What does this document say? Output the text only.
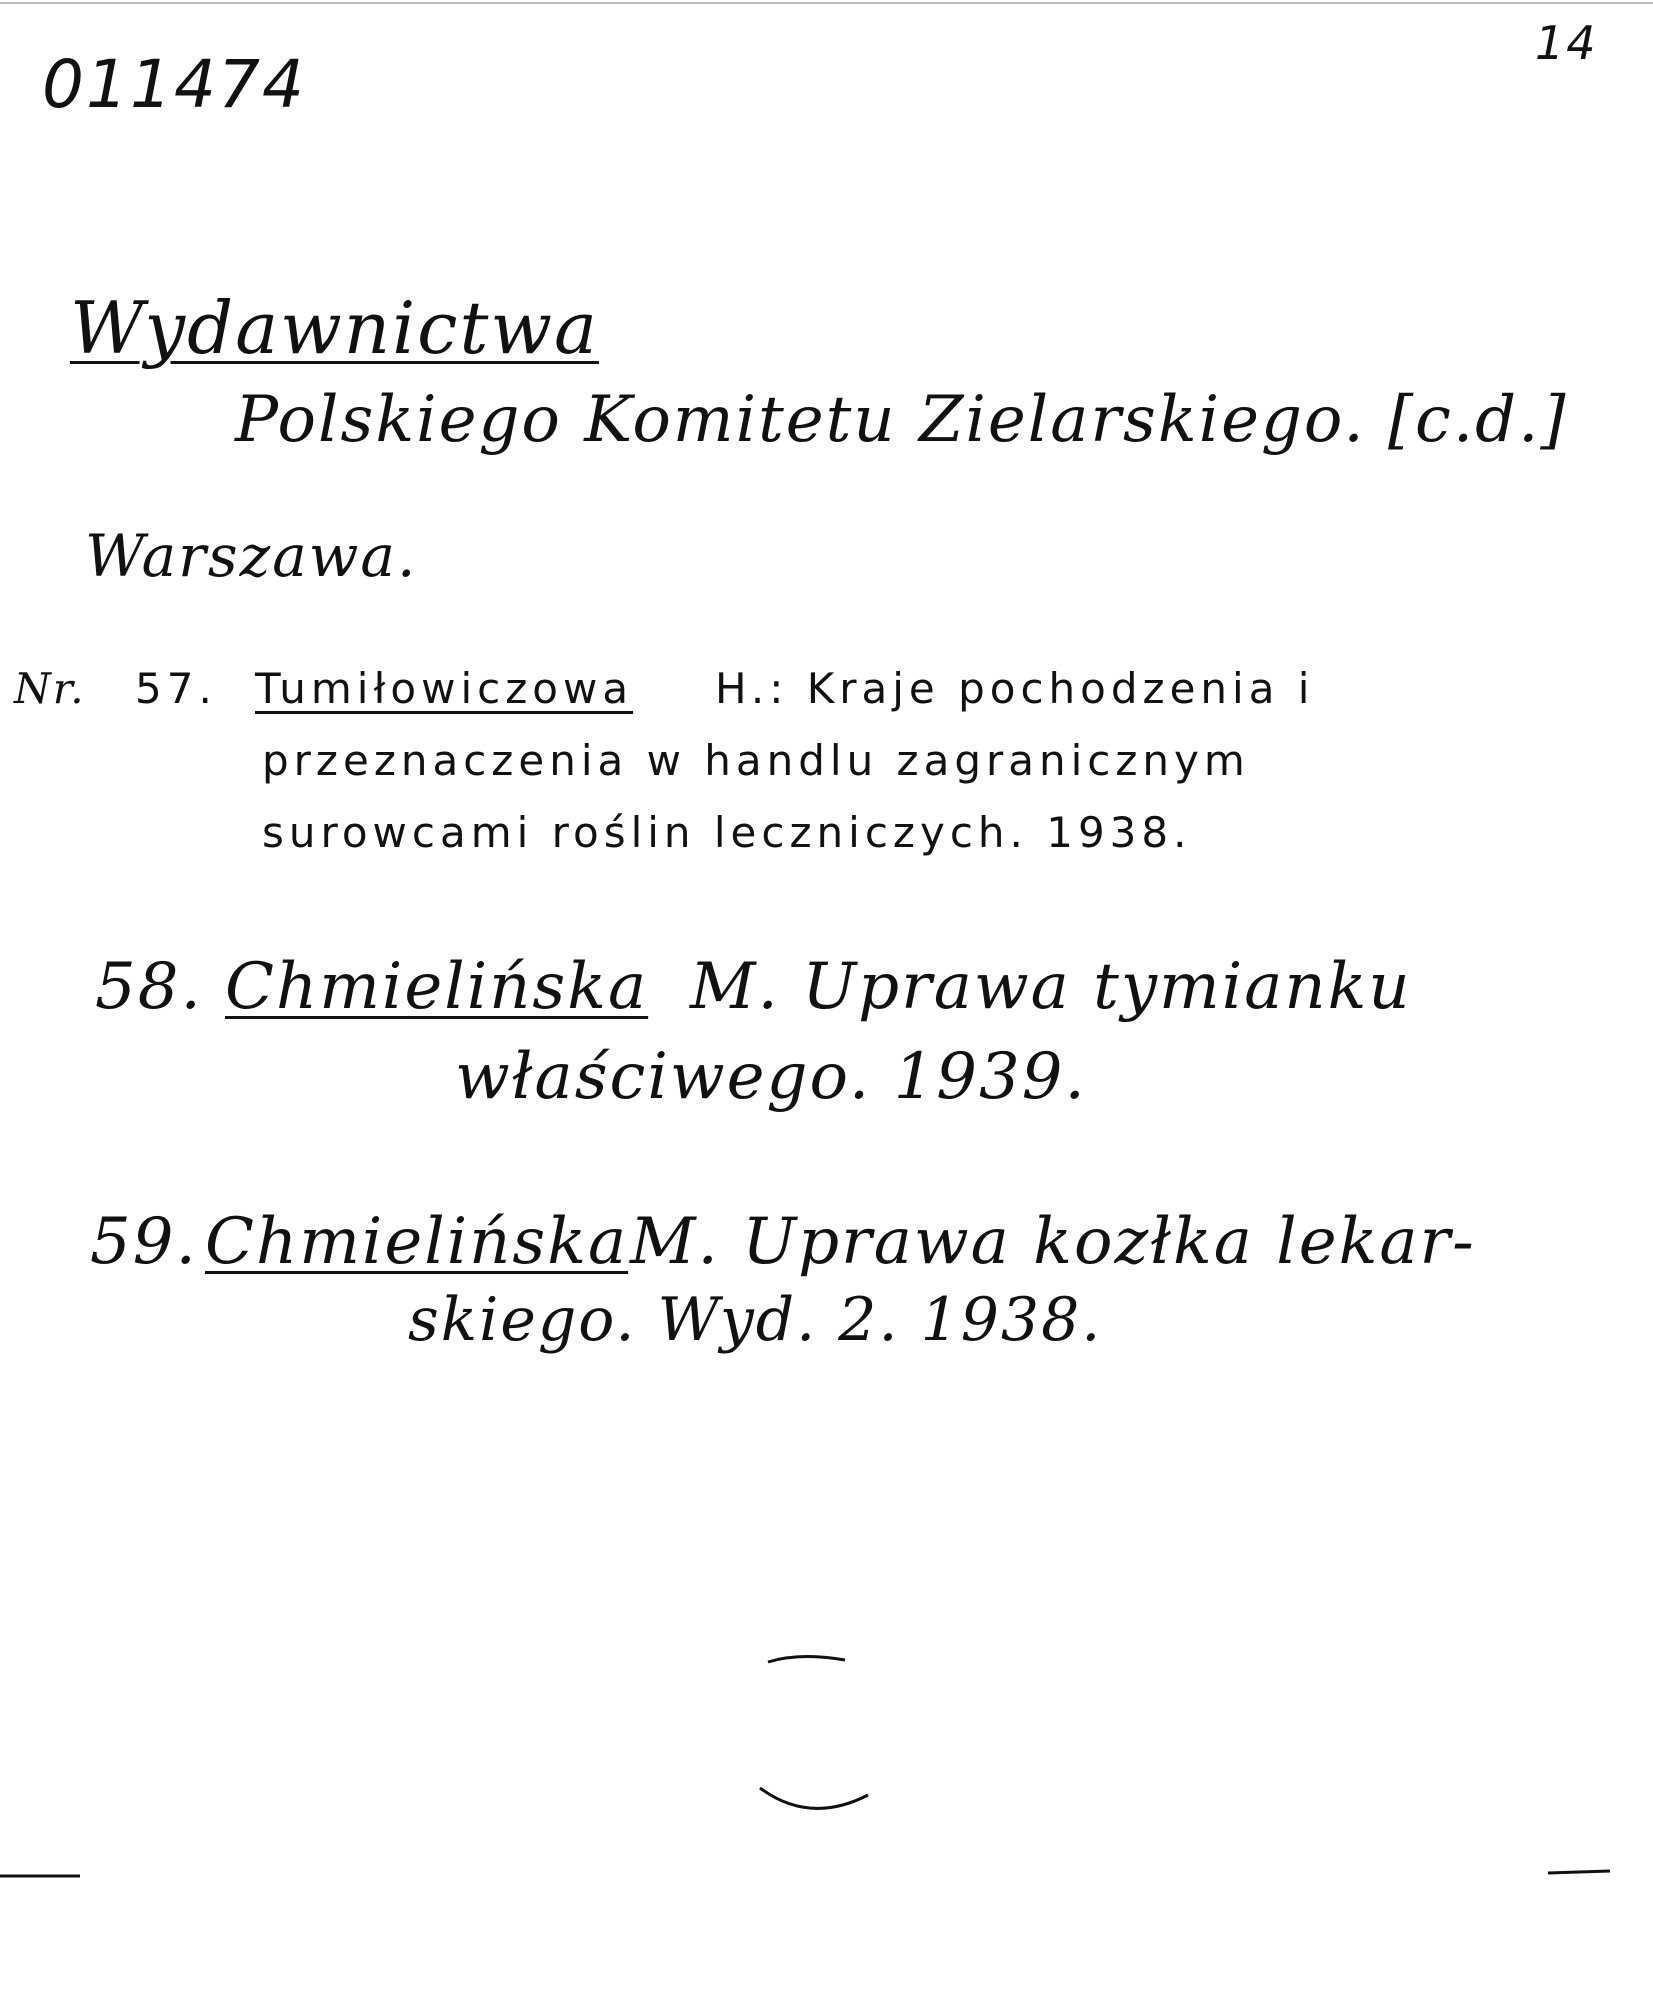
011474
14
Wydawnictwa
Polskiego Komitetu Zielarskiego. [c.d.]
Warszawa.
Nr. 57. Tumiłowiczowa H.: Kraje pochodzenia i
przeznaczenia w handlu zagranicznym
surowcami roślin leczniczych. 1938.
58. Chmielińska M. Uprawa tymianku
właściwego. 1939.
59. Chmielińska M. Uprawa kozłka lekar-
skiego. Wyd. 2. 1938.
